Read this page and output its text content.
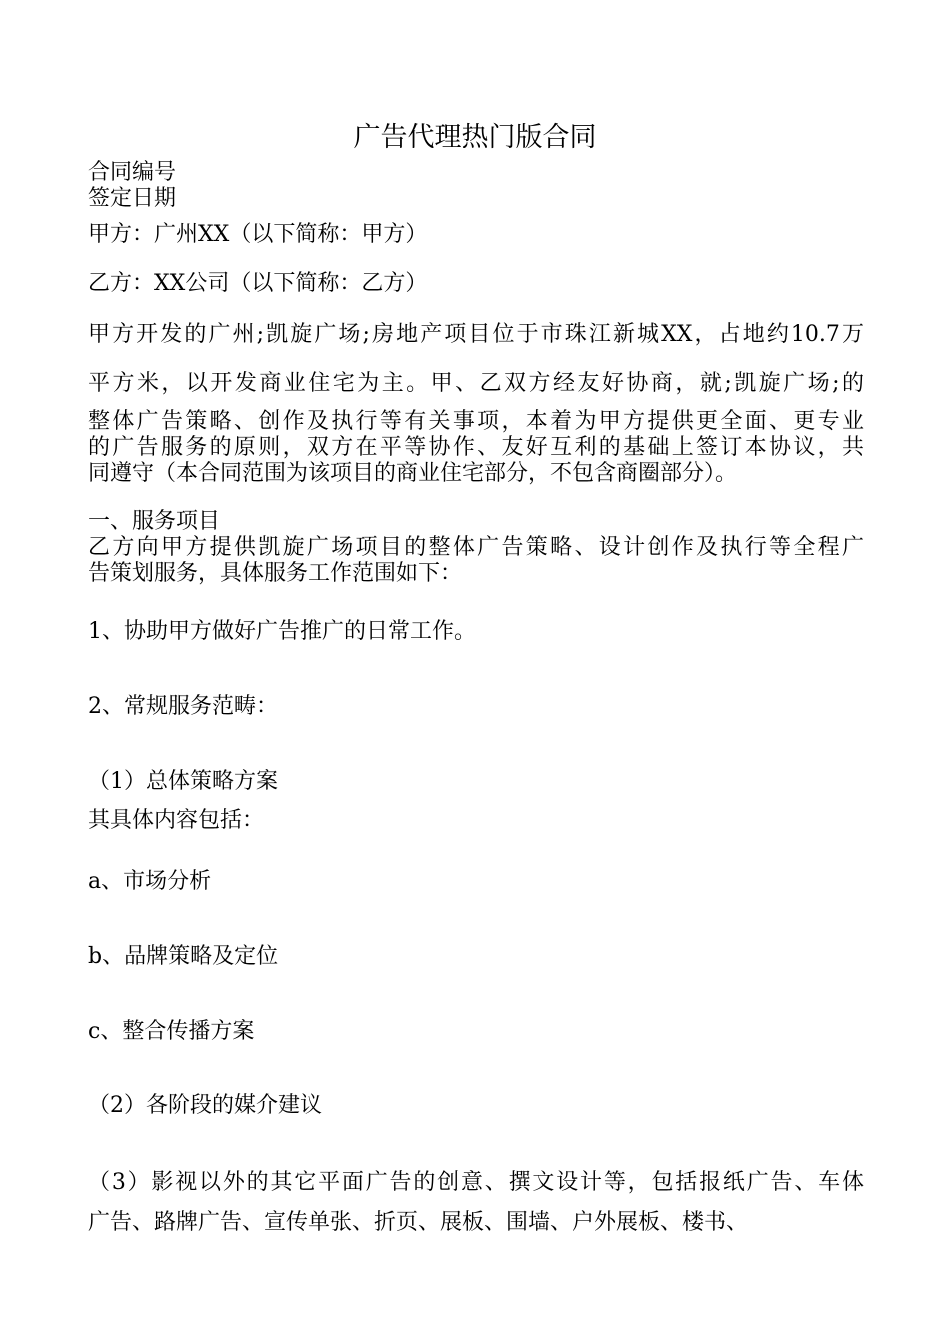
广告代理热门版合同

合同编号

签定日期

甲方：广州XX（以下简称：甲方）

乙方：XX公司（以下简称：乙方）

甲方开发的广州;凯旋广场;房地产项目位于市珠江新城XX，占地约10.7万
平方米，以开发商业住宅为主。甲、乙双方经友好协商，就;凯旋广场;的
整体广告策略、创作及执行等有关事项，本着为甲方提供更全面、更专业
的广告服务的原则，双方在平等协作、友好互利的基础上签订本协议，共
同遵守（本合同范围为该项目的商业住宅部分，不包含商圈部分）。

一、服务项目

乙方向甲方提供凯旋广场项目的整体广告策略、设计创作及执行等全程广
告策划服务，具体服务工作范围如下：

1、协助甲方做好广告推广的日常工作。

2、常规服务范畴：

（1）总体策略方案

其具体内容包括：

a、市场分析

b、品牌策略及定位

c、整合传播方案

（2）各阶段的媒介建议

（3）影视以外的其它平面广告的创意、撰文设计等，包括报纸广告、车体
广告、路牌广告、宣传单张、折页、展板、围墙、户外展板、楼书、
